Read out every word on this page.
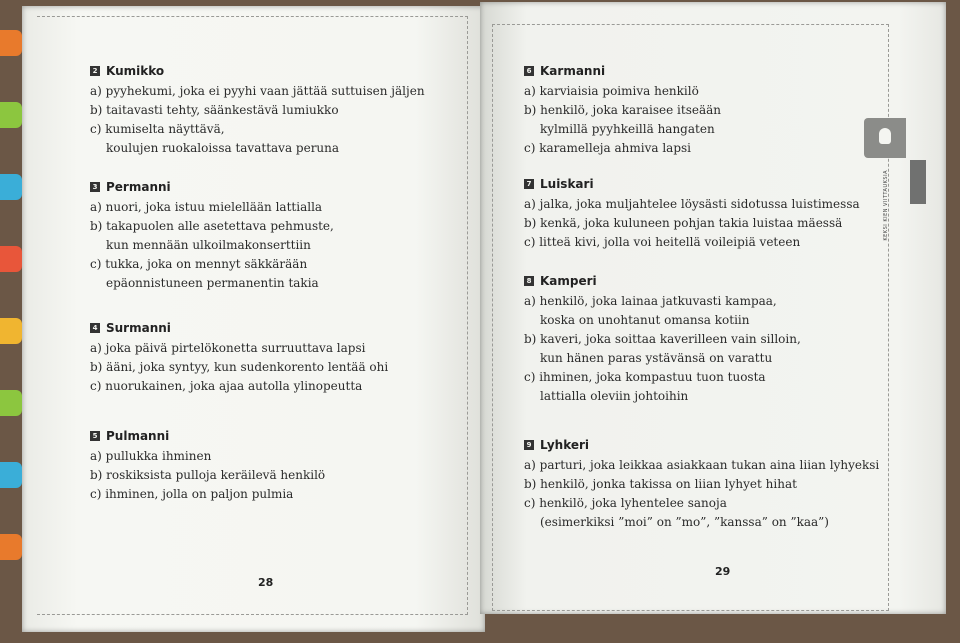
2 Kumikko
a) pyyhekumi, joka ei pyyhi vaan jättää suttuisen jäljen
b) taitavasti tehty, säänkestävä lumiukko
c) kumiselta näyttävä,
koulujen ruokaloissa tavattava peruna
3 Permanni
a) nuori, joka istuu mielellään lattialla
b) takapuolen alle asetettava pehmuste,
kun mennään ulkoilmakonserttiin
c) tukka, joka on mennyt säkkärään
epäonnistuneen permanentin takia
4 Surmanni
a) joka päivä pirtelökonetta surruuttava lapsi
b) ääni, joka syntyy, kun sudenkorento lentää ohi
c) nuorukainen, joka ajaa autolla ylinopeutta
5 Pulmanni
a) pullukka ihminen
b) roskiksista pulloja keräilevä henkilö
c) ihminen, jolla on paljon pulmia
28
6 Karmanni
a) karviaisia poimiva henkilö
b) henkilö, joka karaisee itseään
kylmillä pyyhkeillä hangaten
c) karamelleja ahmiva lapsi
7 Luiskari
a) jalka, joka muljahtelee löysästi sidotussa luistimessa
b) kenkä, joka kuluneen pohjan takia luistaa mäessä
c) litteä kivi, jolla voi heitellä voileipiä veteen
8 Kamperi
a) henkilö, joka lainaa jatkuvasti kampaa,
koska on unohtanut omansa kotiin
b) kaveri, joka soittaa kaverilleen vain silloin,
kun hänen paras ystävänsä on varattu
c) ihminen, joka kompastuu tuon tuosta
lattialla oleviin johtoihin
9 Lyhkeri
a) parturi, joka leikkaa asiakkaan tukan aina liian lyhyeksi
b) henkilö, jonka takissa on liian lyhyet hihat
c) henkilö, joka lyhentelee sanoja
(esimerkiksi ”moi” on ”mo”, ”kanssa” on ”kaa”)
29
KEKSI KIEN VIITTAUKSIA
